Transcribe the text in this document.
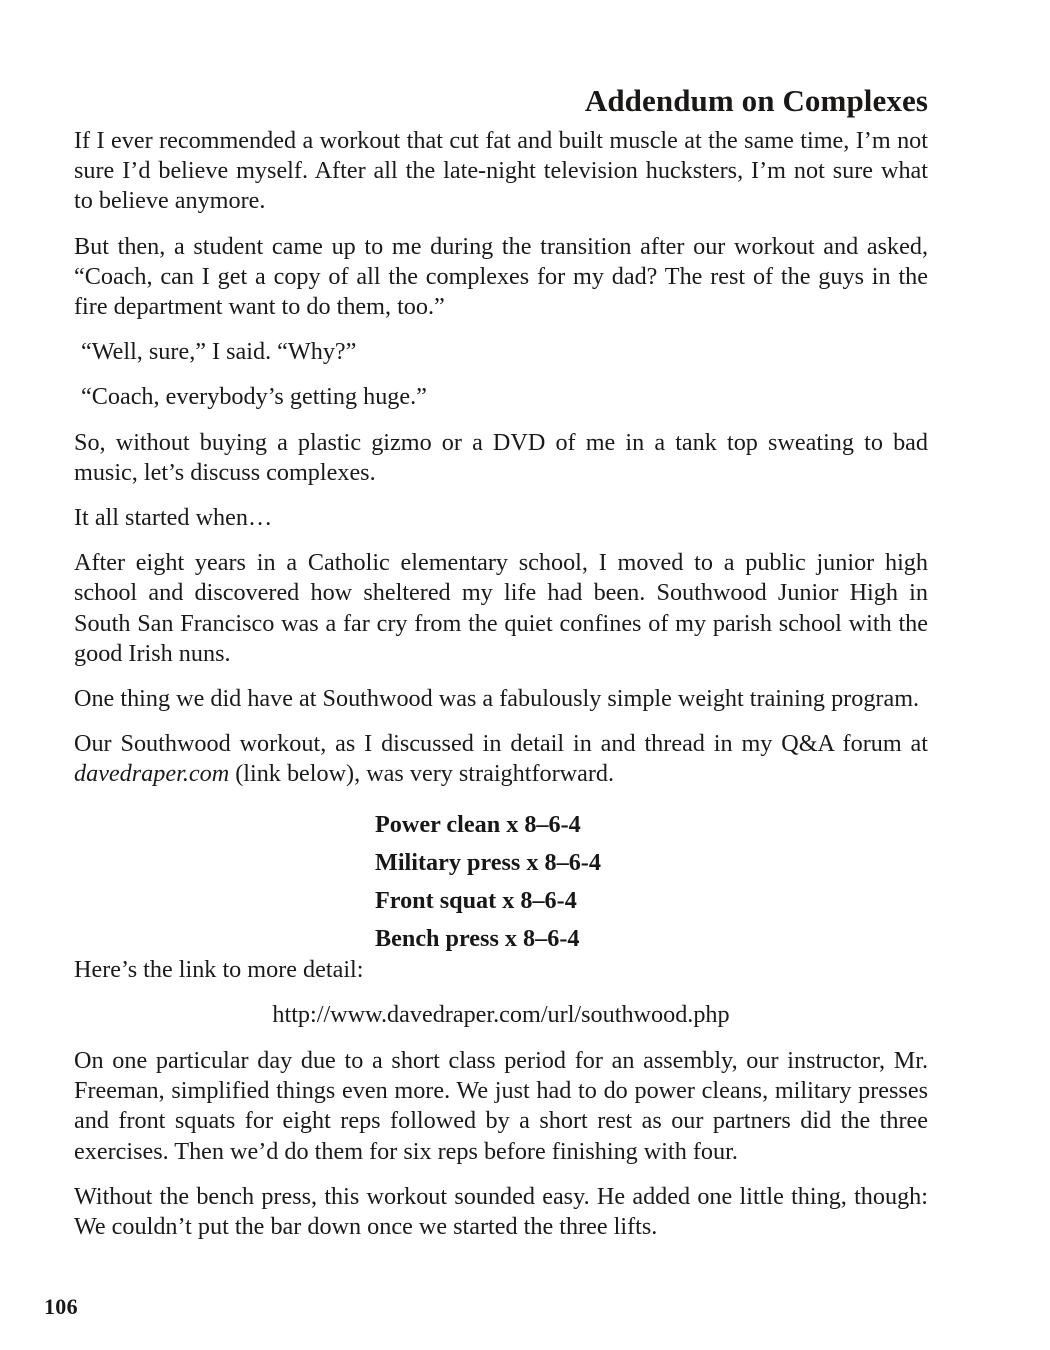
Addendum on Complexes

If I ever recommended a workout that cut fat and built muscle at the same time, I’m not sure I’d believe myself. After all the late-night television hucksters, I’m not sure what to believe anymore.

But then, a student came up to me during the transition after our workout and asked, “Coach, can I get a copy of all the complexes for my dad? The rest of the guys in the fire department want to do them, too.”

“Well, sure,” I said. “Why?”

“Coach, everybody’s getting huge.”

So, without buying a plastic gizmo or a DVD of me in a tank top sweating to bad music, let’s discuss complexes.

It all started when…

After eight years in a Catholic elementary school, I moved to a public junior high school and discovered how sheltered my life had been. Southwood Junior High in South San Francisco was a far cry from the quiet confines of my parish school with the good Irish nuns.

One thing we did have at Southwood was a fabulously simple weight training program.

Our Southwood workout, as I discussed in detail in and thread in my Q&A forum at davedraper.com (link below), was very straightforward.

Power clean x 8–6-4
Military press x 8–6-4
Front squat x 8–6-4
Bench press x 8–6-4
Here’s the link to more detail:
http://www.davedraper.com/url/southwood.php

On one particular day due to a short class period for an assembly, our instructor, Mr. Freeman, simplified things even more. We just had to do power cleans, military presses and front squats for eight reps followed by a short rest as our partners did the three exercises. Then we’d do them for six reps before finishing with four.

Without the bench press, this workout sounded easy. He added one little thing, though: We couldn’t put the bar down once we started the three lifts.

106
